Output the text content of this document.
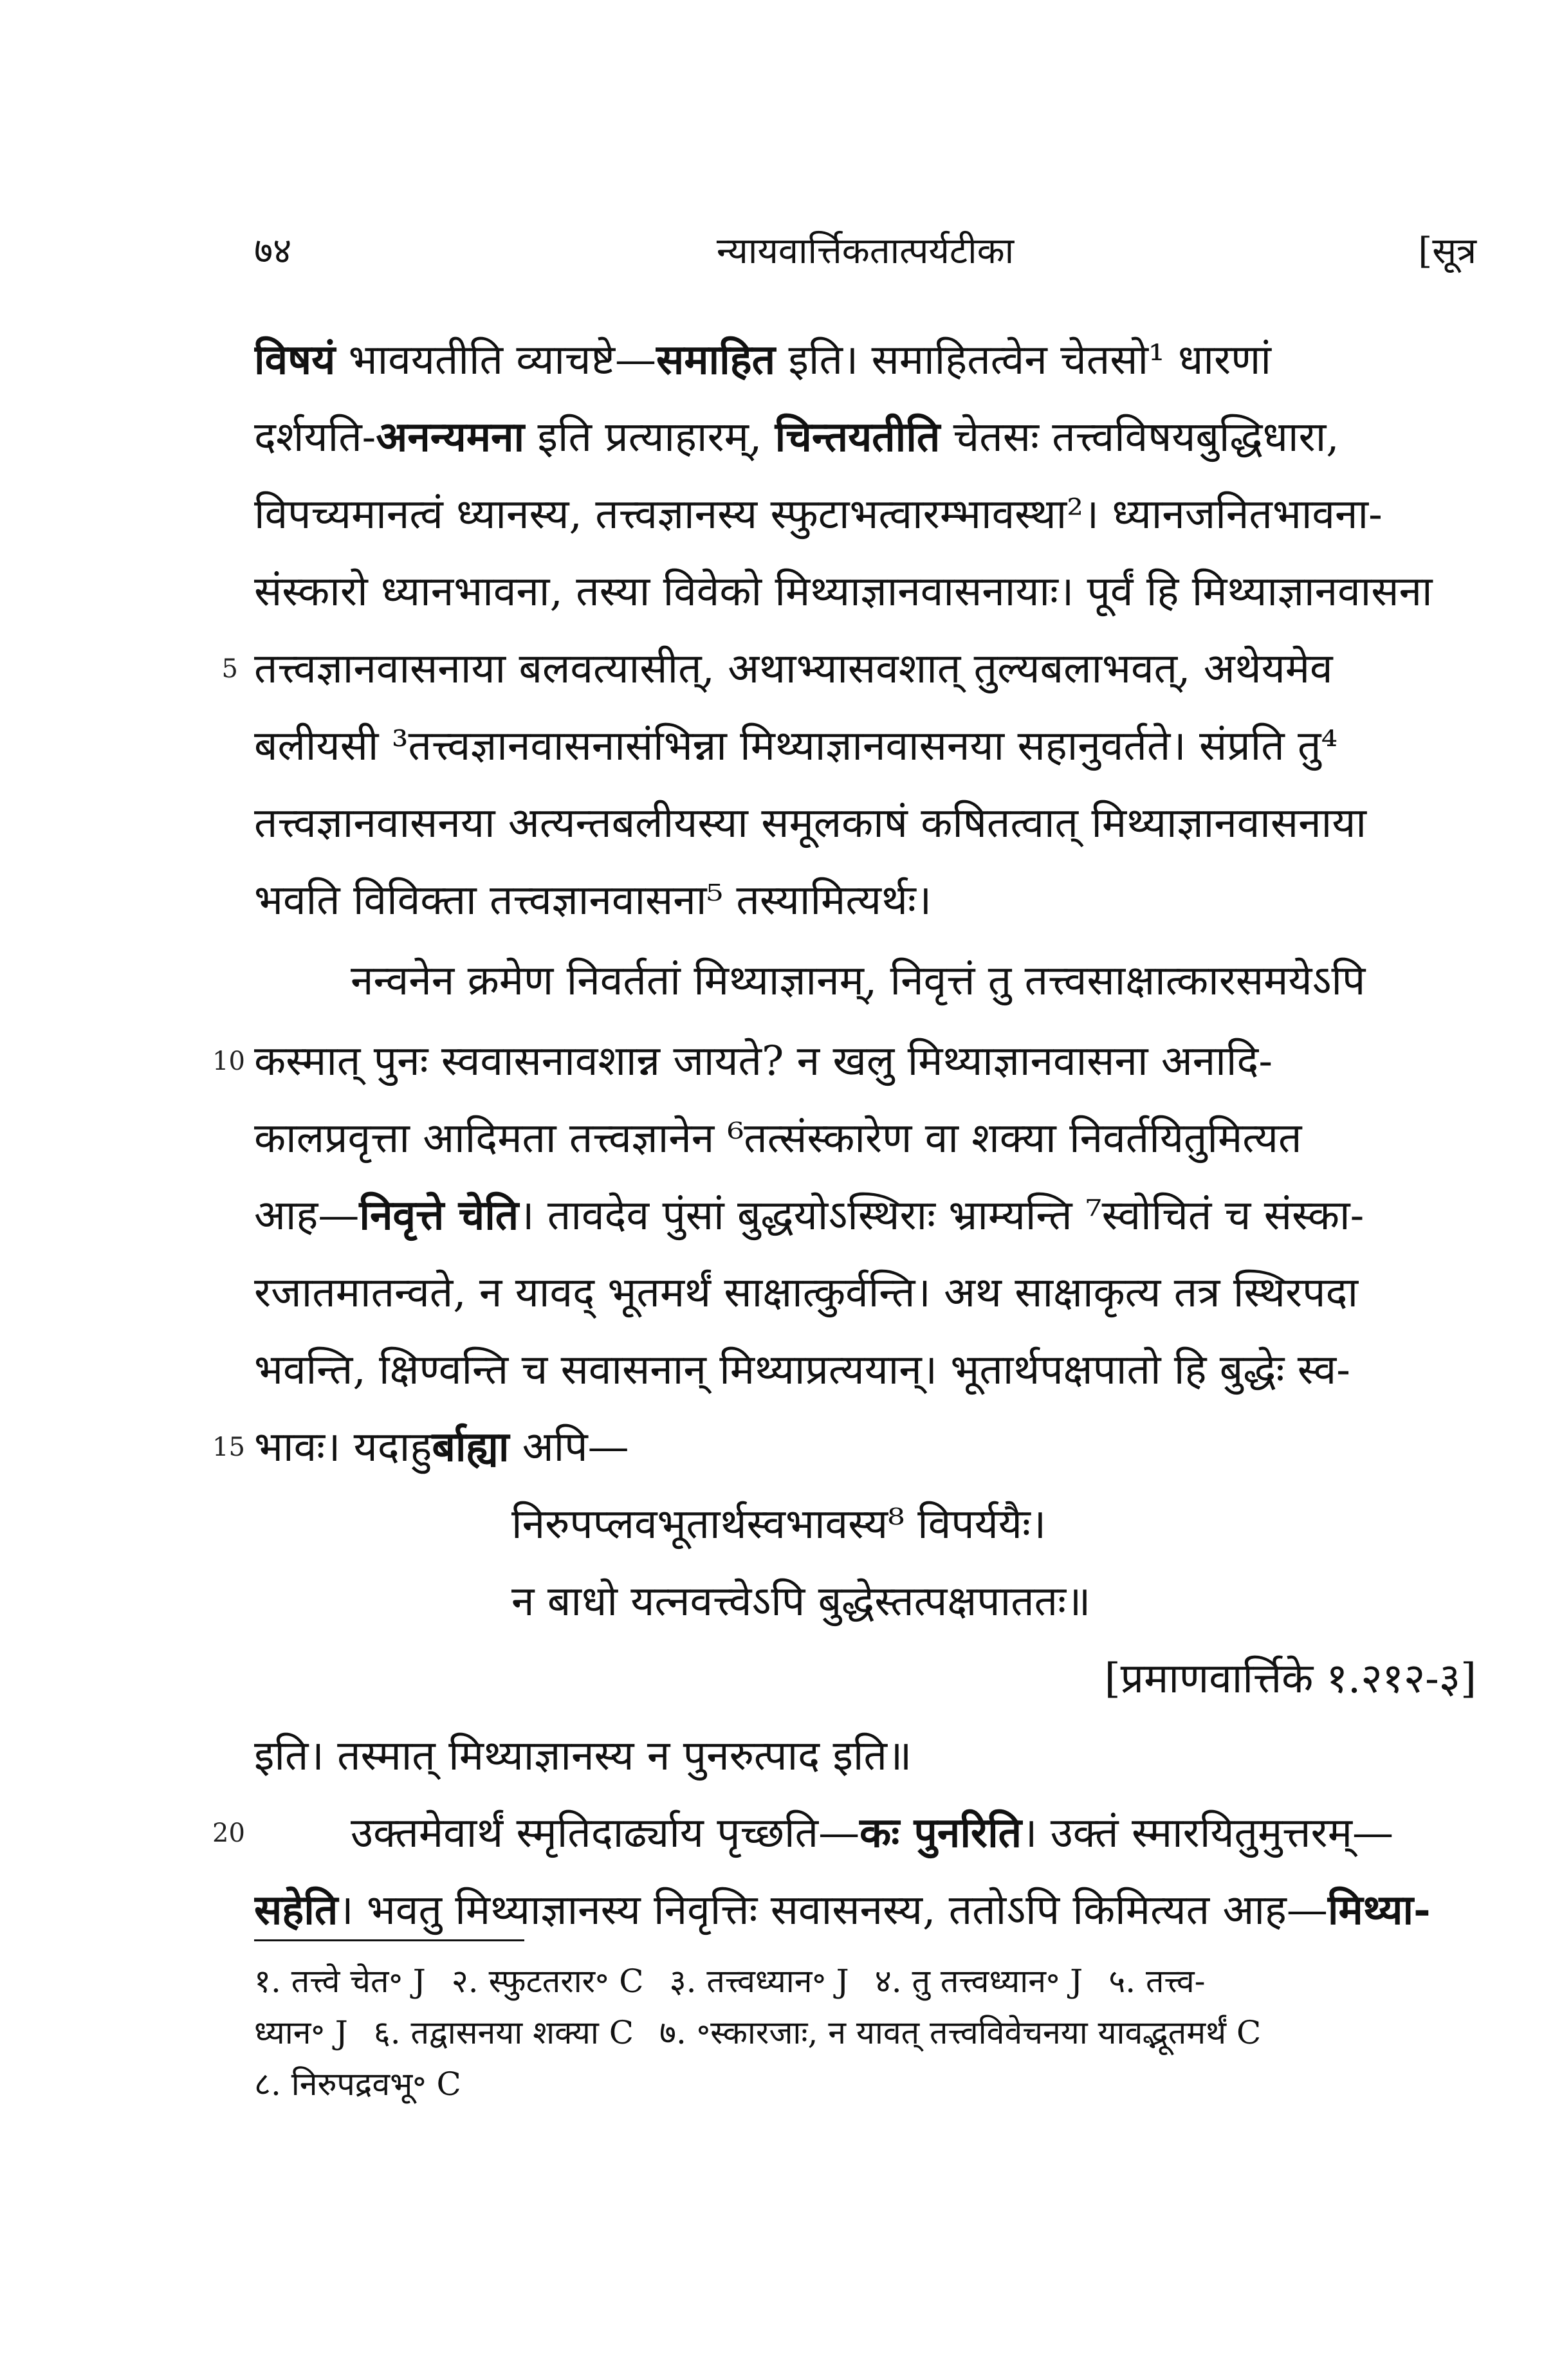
७४	न्यायवार्त्तिकतात्पर्यटीका	[सूत्र
5
10
15
20
विषयं भावयतीति व्याचष्टे—समाहित इति। समाहितत्वेन चेतसो¹ धारणां
दर्शयति-अनन्यमना इति प्रत्याहारम्, चिन्तयतीति चेतसः तत्त्वविषयबुद्धिधारा,
विपच्यमानत्वं ध्यानस्य, तत्त्वज्ञानस्य स्फुटाभत्वारम्भावस्था²। ध्यानजनितभावना-
संस्कारो ध्यानभावना, तस्या विवेको मिथ्याज्ञानवासनायाः। पूर्वं हि मिथ्याज्ञानवासना
तत्त्वज्ञानवासनाया बलवत्यासीत्, अथाभ्यासवशात् तुल्यबलाभवत्, अथेयमेव
बलीयसी ³तत्त्वज्ञानवासनासंभिन्ना मिथ्याज्ञानवासनया सहानुवर्तते। संप्रति तु⁴
तत्त्वज्ञानवासनया अत्यन्तबलीयस्या समूलकाषं कषितत्वात् मिथ्याज्ञानवासनाया
भवति विविक्ता तत्त्वज्ञानवासना⁵ तस्यामित्यर्थः।
नन्वनेन क्रमेण निवर्ततां मिथ्याज्ञानम्, निवृत्तं तु तत्त्वसाक्षात्कारसमयेऽपि
कस्मात् पुनः स्ववासनावशान्न जायते? न खलु मिथ्याज्ञानवासना अनादि-
कालप्रवृत्ता आदिमता तत्त्वज्ञानेन ⁶तत्संस्कारेण वा शक्या निवर्तयितुमित्यत
आह—निवृत्ते चेति। तावदेव पुंसां बुद्धयोऽस्थिराः भ्राम्यन्ति ⁷स्वोचितं च संस्का-
रजातमातन्वते, न यावद् भूतमर्थं साक्षात्कुर्वन्ति। अथ साक्षाकृत्य तत्र स्थिरपदा
भवन्ति, क्षिण्वन्ति च सवासनान् मिथ्याप्रत्ययान्। भूतार्थपक्षपातो हि बुद्धेः स्व-
भावः। यदाहुर्बाह्या अपि—
निरुपप्लवभूतार्थस्वभावस्य⁸ विपर्ययैः।
न बाधो यत्नवत्त्वेऽपि बुद्धेस्तत्पक्षपाततः॥
[प्रमाणवार्त्तिके १.२१२-३]
इति। तस्मात् मिथ्याज्ञानस्य न पुनरुत्पाद इति॥
उक्तमेवार्थं स्मृतिदार्ढ्याय पृच्छति—कः पुनरिति। उक्तं स्मारयितुमुत्तरम्—
सहेति। भवतु मिथ्याज्ञानस्य निवृत्तिः सवासनस्य, ततोऽपि किमित्यत आह—मिथ्या-
१. तत्त्वे चेत॰ J २. स्फुटतरार॰ C ३. तत्त्वध्यान॰ J ४. तु तत्त्वध्यान॰ J ५. तत्त्व-
ध्यान॰ J ६. तद्वासनया शक्या C ७. ॰स्कारजाः, न यावत् तत्त्वविवेचनया यावद्भूतमर्थं C
८. निरुपद्रवभू॰ C
